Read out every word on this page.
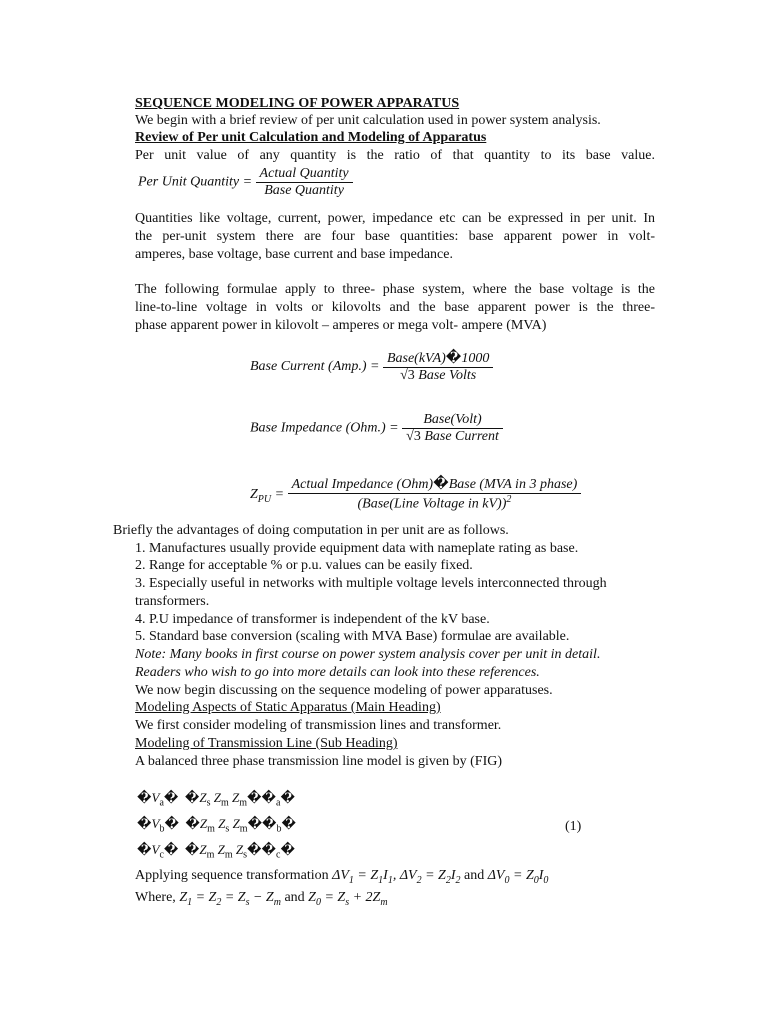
SEQUENCE MODELING OF POWER APPARATUS
We begin with a brief review of per unit calculation used in power system analysis.
Review of Per unit Calculation and Modeling of Apparatus
Per unit value of any quantity is the ratio of that quantity to its base value.
Per Unit Quantity = $\frac{\text{Actual Quantity}}{\text{Base Quantity}}$
Quantities like voltage, current, power, impedance etc can be expressed in per unit. In
the per-unit system there are four base quantities: base apparent power in volt-
amperes, base voltage, base current and base impedance.
The following formulae apply to three- phase system, where the base voltage is the
line-to-line voltage in volts or kilovolts and the base apparent power is the three-
phase apparent power in kilovolt – amperes or mega volt- ampere (MVA)
Base Current $(Amp.) = \frac{\text{Base(kVA)�1000}}{\text{√3 Base Volts}}$
Base Impedance $(Ohm.) = \frac{\text{Base(Volt)}}{\text{√3 Base Current}}$
$Z_{PU} = \frac{\text{Actual Impedance (Ohm)�Base (MVA in 3 phase)}}{(Base(Line Voltage in kV))^2}$
Briefly the advantages of doing computation in per unit are as follows.
1. Manufactures usually provide equipment data with nameplate rating as base.
2. Range for acceptable % or p.u. values can be easily fixed.
3. Especially useful in networks with multiple voltage levels interconnected through
transformers.
4. P.U impedance of transformer is independent of the kV base.
5. Standard base conversion (scaling with MVA Base) formulae are available.
Note: Many books in first course on power system analysis cover per unit in detail.
Readers who wish to go into more details can look into these references.
We now begin discussing on the sequence modeling of power apparatuses.
Modeling Aspects of Static Apparatus (Main Heading)
We first consider modeling of transmission lines and transformer.
Modeling of Transmission Line (Sub Heading)
A balanced three phase transmission line model is given by (FIG)
$�V_a�$ $�Z_s$ $Z_m$ $Z_m��_a�$
$�V_b�$ $�Z_m$ $Z_s$ $Z_m��_b�$
$�V_c�$ $�Z_m$ $Z_m$ $Z_s��_c�$
(1)
Applying sequence transformation $\Delta V_1 = Z_1I_1$, $\Delta V_2 = Z_2I_2$ and $\Delta V_0 = Z_0I_0$
Where, $Z_1 = Z_2 = Z_s - Z_m$ and $Z_0 = Z_s + 2Z_m$
